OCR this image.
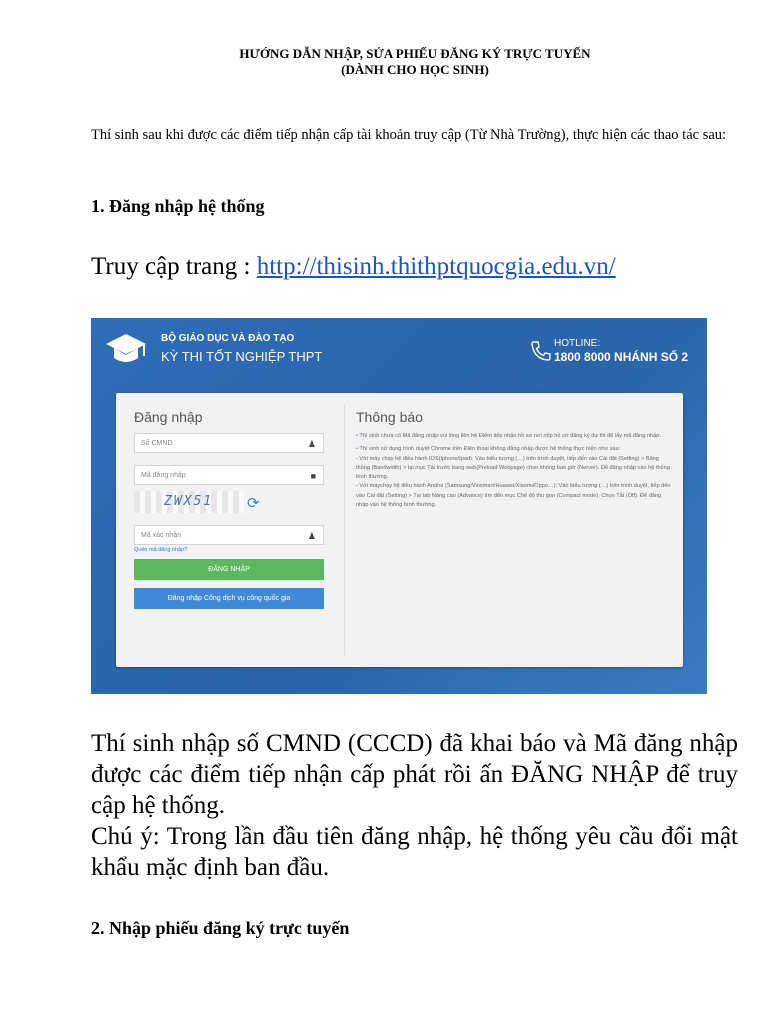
HƯỚNG DẪN NHẬP, SỬA PHIẾU ĐĂNG KÝ TRỰC TUYẾN
(DÀNH CHO HỌC SINH)
Thí sinh sau khi được các điểm tiếp nhận cấp tài khoản truy cập (Từ Nhà Trường), thực hiện các thao tác sau:
1. Đăng nhập hệ thống
Truy cập trang : http://thisinh.thithptquocgia.edu.vn/
BỘ GIÁO DỤC VÀ ĐÀO TẠO
KỲ THI TỐT NGHIỆP THPT
HOTLINE:
1800 8000 NHÁNH SỐ 2
Đăng nhập
Số CMND	♟
Mã đăng nhập	■
ZWX51	⟳
Mã xác nhận	♟
Quên mã đăng nhập?
ĐĂNG NHẬP
Đăng nhập Cổng dịch vụ công quốc gia
Thông báo

• Thí sinh chưa có Mã đăng nhập vui lòng liên hệ Điểm tiếp nhận hồ sơ nơi nộp hồ sơ đăng ký dự thi để lấy mã đăng nhập.

• Thí sinh sử dụng trình duyệt Chrome trên Điện thoại không đăng nhập được hệ thống thực hiện như sau:
- Với máy chạy hệ điều hành IOS(Iphone/Ipad): Vào biểu tượng (…) trên trình duyệt, tiếp đến vào Cài đặt (Setting) > Băng thông (Bandwidth) > tại mục Tải trước trang web(Preload Webpage) chọn không bao giờ (Nerver). Để đăng nhập vào hệ thống bình thường.
- Với máychạy hệ điều hành Androi (Samsung/Vinsmart/Huawei/Xiaomi/Oppo…): Vào biểu tượng (…) trên trình duyệt, tiếp đến vào Cài đặt (Setting) > Tại tab Nâng cao (Advance) tìm đến mục Chế độ thu gọn (Compact mode). Chọn Tắt (Off). Để đăng nhập vào hệ thống bình thường.

Thí sinh nhập số CMND (CCCD) đã khai báo và Mã đăng nhập được các điểm tiếp nhận cấp phát rồi ấn ĐĂNG NHẬP để truy cập hệ thống.
Chú ý: Trong lần đầu tiên đăng nhập, hệ thống yêu cầu đổi mật khẩu mặc định ban đầu.
2. Nhập phiếu đăng ký trực tuyến
